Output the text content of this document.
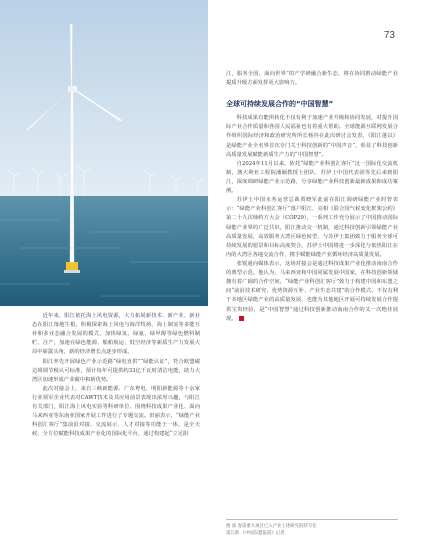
73

近年来，阳江依托海上风电资源，大力拓展新技术、新产业、新业态在阳江落地生根，积极探索海上风电与海洋牧场、海上制氢等多能互补和多业态融合发展的模式，加快绿氢、绿氨、绿甲醇等绿色燃料制贮、注产，加速在绿色能源、船舶航运、低空经济等新质生产力发展大局中崭露头角，新的经济增长点逐步形成。

阳江率先开展绿色产业示范路“绿电直供”“绿能认证”，符合欧盟碳边境调节税认可标准，预计每年可提供约33亿千瓦时清洁电能，助力大湾区加速形成产业碳中和新优势。

此次对接会上，来自三峡新能源、广东粤电、明阳新能源等十余家行业领军企业代表对CAWT技术及其应用前景表现出浓厚兴趣，与阳江有关部门，阳江海上风电实验等科研单位、围绕科技成果产业化、面向马来西亚等东南亚国家开展工作进行了专题交流。田丽表示，“绿能产业科创汇客厅”集前沿对接、交流展示、人才对接等功能于一体，是全天候、全方位赋能科技成果产业化的国际化平台，通过构建起“立足阳

江，服务全国，面向世界”的产学研融合新生态，将在协同推动绿能产业提质升级方面发挥更大影响力。

全球可持续发展合作的“中国智慧”

科技成果有能所转化不仅有利于加速产业升级和协同发展，对提升国际产业合作质量和各国人民福祉也有着重大帮助。全球能源互联网发展合作组织国际经济和政治研究所所长杨谷在此次研讨会发表，《阳江蓬以》是绿能产业全名界首次专门关于科技创新的“中国声音”，彰显了科技创新高质量发展赋能新质生产力的“中国智慧”。

自2024年11月以来，依托“绿能产业科创汇客厅”这一国际化交流机制，澳大利亚工程院潘颖教授士团队、苏伊士中国代表团等先后来到阳江，深度调研绿能产业示范路，分享绿能产业科技创新最新成果和成功案例。

苏伊士中国水务运营总裁贾晓军此前在阳江调研绿能产业时曾表示：“绿能产业科创汇客厅”落户阳江，亮相《联合国气候变化框架公约》第二十九次缔约方大会（COP29），一系列工作充分展示了中国推动国际绿能产业界的广泛共识，阳江推动交一机制，通过科技创新引领绿能产业高质量发展，高效服务大湾区绿色转型，与苏伊士集团致力于服务全球可持续发展的愿景和目标高度契合。苏伊士中国将进一步深化与低热阳江在内的大湾区各地交流合作，携手赋能绿能产业循环经济高质量发展。

张锐通向媒体表示，这场对接会是通过科技成果产业化推动南南合作的典型示范。他认为，马来西亚和中国同属发展中国家，在科技创新领域拥有着广阔的合作空间，“绿能产业科创汇客厅”致力于构建中国和东盟之间“前沿技术研究、优势资源互补、产业生态共建”的合作模式，不仅有利于本地区绿能产业的高质量发展，也能为其他地区开展可持续发展合作提供宝贵经验，是“中国智慧”通过科技创新推动南南合作的又一次绝佳展现。

图 质 春雷重大项目已入产业上述研究院特写任
第江新 《中国东盟报道》记者
